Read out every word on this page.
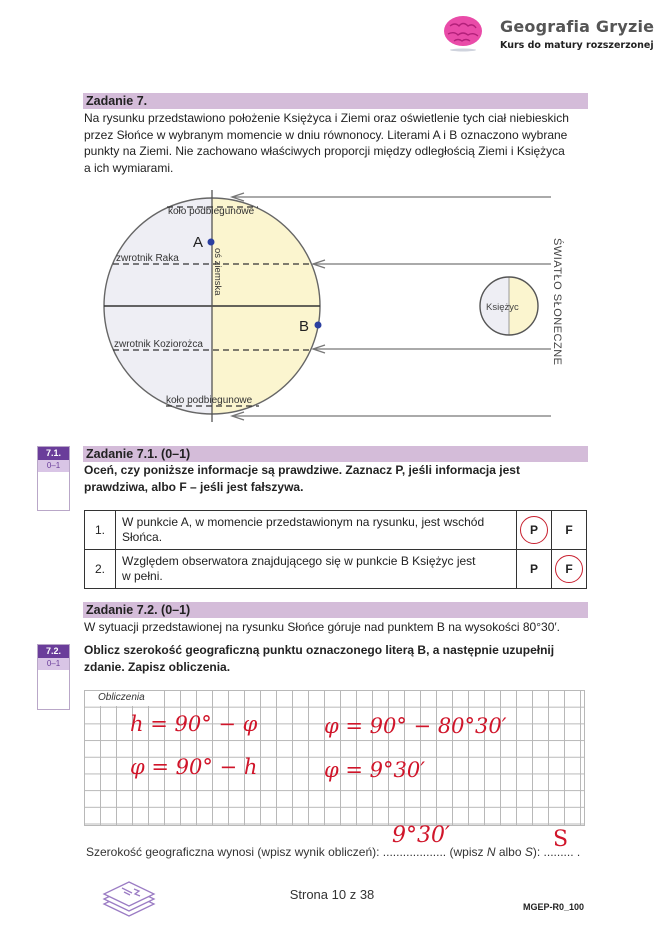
Geografia Gryzie
Kurs do matury rozszerzonej
Zadanie 7.
Na rysunku przedstawiono położenie Księżyca i Ziemi oraz oświetlenie tych ciał niebieskich
przez Słońce w wybranym momencie w dniu równonocy. Literami A i B oznaczono wybrane
punkty na Ziemi. Nie zachowano właściwych proporcji między odległością Ziemi i Księżyca
a ich wymiarami.
koło podbiegunowe
zwrotnik Raka
zwrotnik Koziorożca
koło podbiegunowe
oś ziemska
A
B
Księżyc	ŚWIATŁO SŁONECZNE
7.1.
0–1
Zadanie 7.1. (0–1)
Oceń, czy poniższe informacje są prawdziwe. Zaznacz P, jeśli informacja jest
prawdziwa, albo F – jeśli jest fałszywa.
1.	W punkcie A, w momencie przedstawionym na rysunku, jest wschód
Słońca.	P	F
2.	Względem obserwatora znajdującego się w punkcie B Księżyc jest
w pełni.	P	F
Zadanie 7.2. (0–1)
W sytuacji przedstawionej na rysunku Słońce góruje nad punktem B na wysokości 80°30′.
7.2.
0–1
Oblicz szerokość geograficzną punktu oznaczonego literą B, a następnie uzupełnij
zdanie. Zapisz obliczenia.
Obliczenia
h = 90° − φ
φ = 90° − h
φ = 90° − 80°30′
φ = 9°30′
Szerokość geograficzna wynosi (wpisz wynik obliczeń): ................... (wpisz N albo S): ......... .
9°30′	S
Strona 10 z 38
MGEP-R0_100
